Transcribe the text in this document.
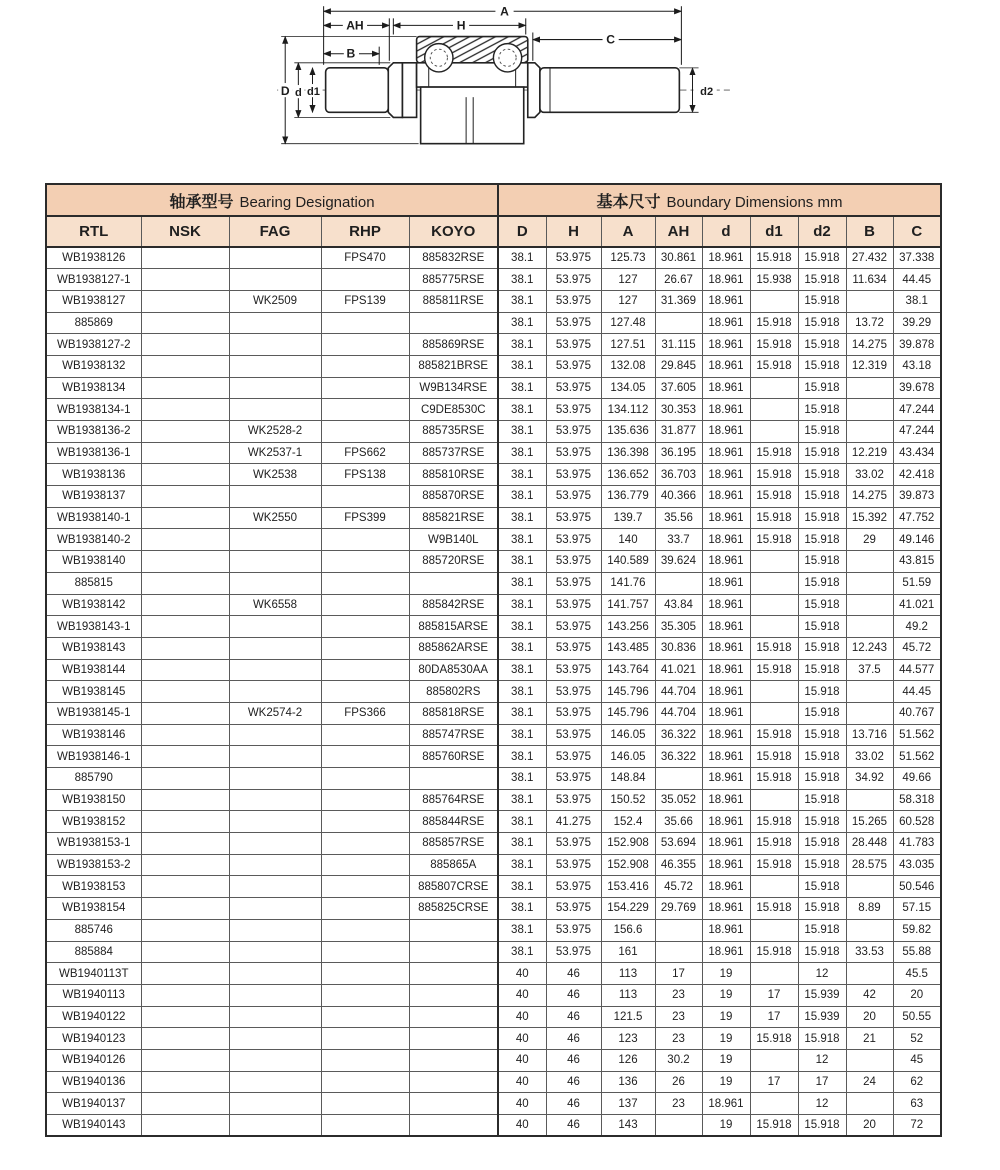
A
AH	H
C
B
D d d1	d2
轴承型号 Bearing Designation					基本尺寸 Boundary Dimensions mm								
RTL	NSK	FAG	RHP	KOYO	D	H	A	AH	d	d1	d2	B	C
WB1938126			FPS470	885832RSE	38.1	53.975	125.73	30.861	18.961	15.918	15.918	27.432	37.338
WB1938127-1				885775RSE	38.1	53.975	127	26.67	18.961	15.938	15.918	11.634	44.45
WB1938127		WK2509	FPS139	885811RSE	38.1	53.975	127	31.369	18.961		15.918		38.1
885869					38.1	53.975	127.48		18.961	15.918	15.918	13.72	39.29
WB1938127-2				885869RSE	38.1	53.975	127.51	31.115	18.961	15.918	15.918	14.275	39.878
WB1938132				885821BRSE	38.1	53.975	132.08	29.845	18.961	15.918	15.918	12.319	43.18
WB1938134				W9B134RSE	38.1	53.975	134.05	37.605	18.961		15.918		39.678
WB1938134-1				C9DE8530C	38.1	53.975	134.112	30.353	18.961		15.918		47.244
WB1938136-2		WK2528-2		885735RSE	38.1	53.975	135.636	31.877	18.961		15.918		47.244
WB1938136-1		WK2537-1	FPS662	885737RSE	38.1	53.975	136.398	36.195	18.961	15.918	15.918	12.219	43.434
WB1938136		WK2538	FPS138	885810RSE	38.1	53.975	136.652	36.703	18.961	15.918	15.918	33.02	42.418
WB1938137				885870RSE	38.1	53.975	136.779	40.366	18.961	15.918	15.918	14.275	39.873
WB1938140-1		WK2550	FPS399	885821RSE	38.1	53.975	139.7	35.56	18.961	15.918	15.918	15.392	47.752
WB1938140-2				W9B140L	38.1	53.975	140	33.7	18.961	15.918	15.918	29	49.146
WB1938140				885720RSE	38.1	53.975	140.589	39.624	18.961		15.918		43.815
885815					38.1	53.975	141.76		18.961		15.918		51.59
WB1938142		WK6558		885842RSE	38.1	53.975	141.757	43.84	18.961		15.918		41.021
WB1938143-1				885815ARSE	38.1	53.975	143.256	35.305	18.961		15.918		49.2
WB1938143				885862ARSE	38.1	53.975	143.485	30.836	18.961	15.918	15.918	12.243	45.72
WB1938144				80DA8530AA	38.1	53.975	143.764	41.021	18.961	15.918	15.918	37.5	44.577
WB1938145				885802RS	38.1	53.975	145.796	44.704	18.961		15.918		44.45
WB1938145-1		WK2574-2	FPS366	885818RSE	38.1	53.975	145.796	44.704	18.961		15.918		40.767
WB1938146				885747RSE	38.1	53.975	146.05	36.322	18.961	15.918	15.918	13.716	51.562
WB1938146-1				885760RSE	38.1	53.975	146.05	36.322	18.961	15.918	15.918	33.02	51.562
885790					38.1	53.975	148.84		18.961	15.918	15.918	34.92	49.66
WB1938150				885764RSE	38.1	53.975	150.52	35.052	18.961		15.918		58.318
WB1938152				885844RSE	38.1	41.275	152.4	35.66	18.961	15.918	15.918	15.265	60.528
WB1938153-1				885857RSE	38.1	53.975	152.908	53.694	18.961	15.918	15.918	28.448	41.783
WB1938153-2				885865A	38.1	53.975	152.908	46.355	18.961	15.918	15.918	28.575	43.035
WB1938153				885807CRSE	38.1	53.975	153.416	45.72	18.961		15.918		50.546
WB1938154				885825CRSE	38.1	53.975	154.229	29.769	18.961	15.918	15.918	8.89	57.15
885746					38.1	53.975	156.6		18.961		15.918		59.82
885884					38.1	53.975	161		18.961	15.918	15.918	33.53	55.88
WB1940113T					40	46	113	17	19		12		45.5
WB1940113					40	46	113	23	19	17	15.939	42	20
WB1940122					40	46	121.5	23	19	17	15.939	20	50.55
WB1940123					40	46	123	23	19	15.918	15.918	21	52
WB1940126					40	46	126	30.2	19		12		45
WB1940136					40	46	136	26	19	17	17	24	62
WB1940137					40	46	137	23	18.961		12		63
WB1940143					40	46	143		19	15.918	15.918	20	72
